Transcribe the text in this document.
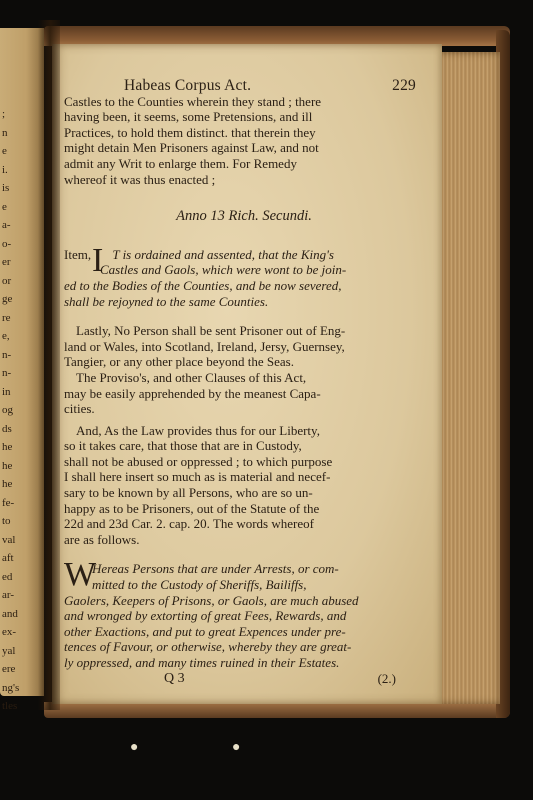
;
n
e
i.
is
e
a-
o-
er
or
ge
re
e,
n-
n-
in
og
ds
he
he
he
fe-
to
val
aft
ed
ar-
and
ex-
yal
ere
ng's
tles
●	●
Habeas Corpus Act.	229
Castles to the Counties wherein they stand ; there
having been, it seems, some Pretensions, and ill
Practices, to hold them distinct. that therein they
might detain Men Prisoners against Law, and not
admit any Writ to enlarge them. For Remedy
whereof it was thus enacted ;
Anno 13 Rich. Secundi.
Item, I T is ordained and assented, that the King's
Castles and Gaols, which were wont to be join-
ed to the Bodies of the Counties, and be now severed,
shall be rejoyned to the same Counties.
Lastly, No Person shall be sent Prisoner out of Eng-
land or Wales, into Scotland, Ireland, Jersy, Guernsey,
Tangier, or any other place beyond the Seas.
The Proviso's, and other Clauses of this Act,
may be easily apprehended by the meanest Capa-
cities.
And, As the Law provides thus for our Liberty,
so it takes care, that those that are in Custody,
shall not be abused or oppressed ; to which purpose
I shall here insert so much as is material and necef-
sary to be known by all Persons, who are so un-
happy as to be Prisoners, out of the Statute of the
22d and 23d Car. 2. cap. 20. The words whereof
are as follows.
W
Hereas Persons that are under Arrests, or com-
mitted to the Custody of Sheriffs, Bailiffs,
Gaolers, Keepers of Prisons, or Gaols, are much abused
and wronged by extorting of great Fees, Rewards, and
other Exactions, and put to great Expences under pre-
tences of Favour, or otherwise, whereby they are great-
ly oppressed, and many times ruined in their Estates.
Q 3	(2.)
